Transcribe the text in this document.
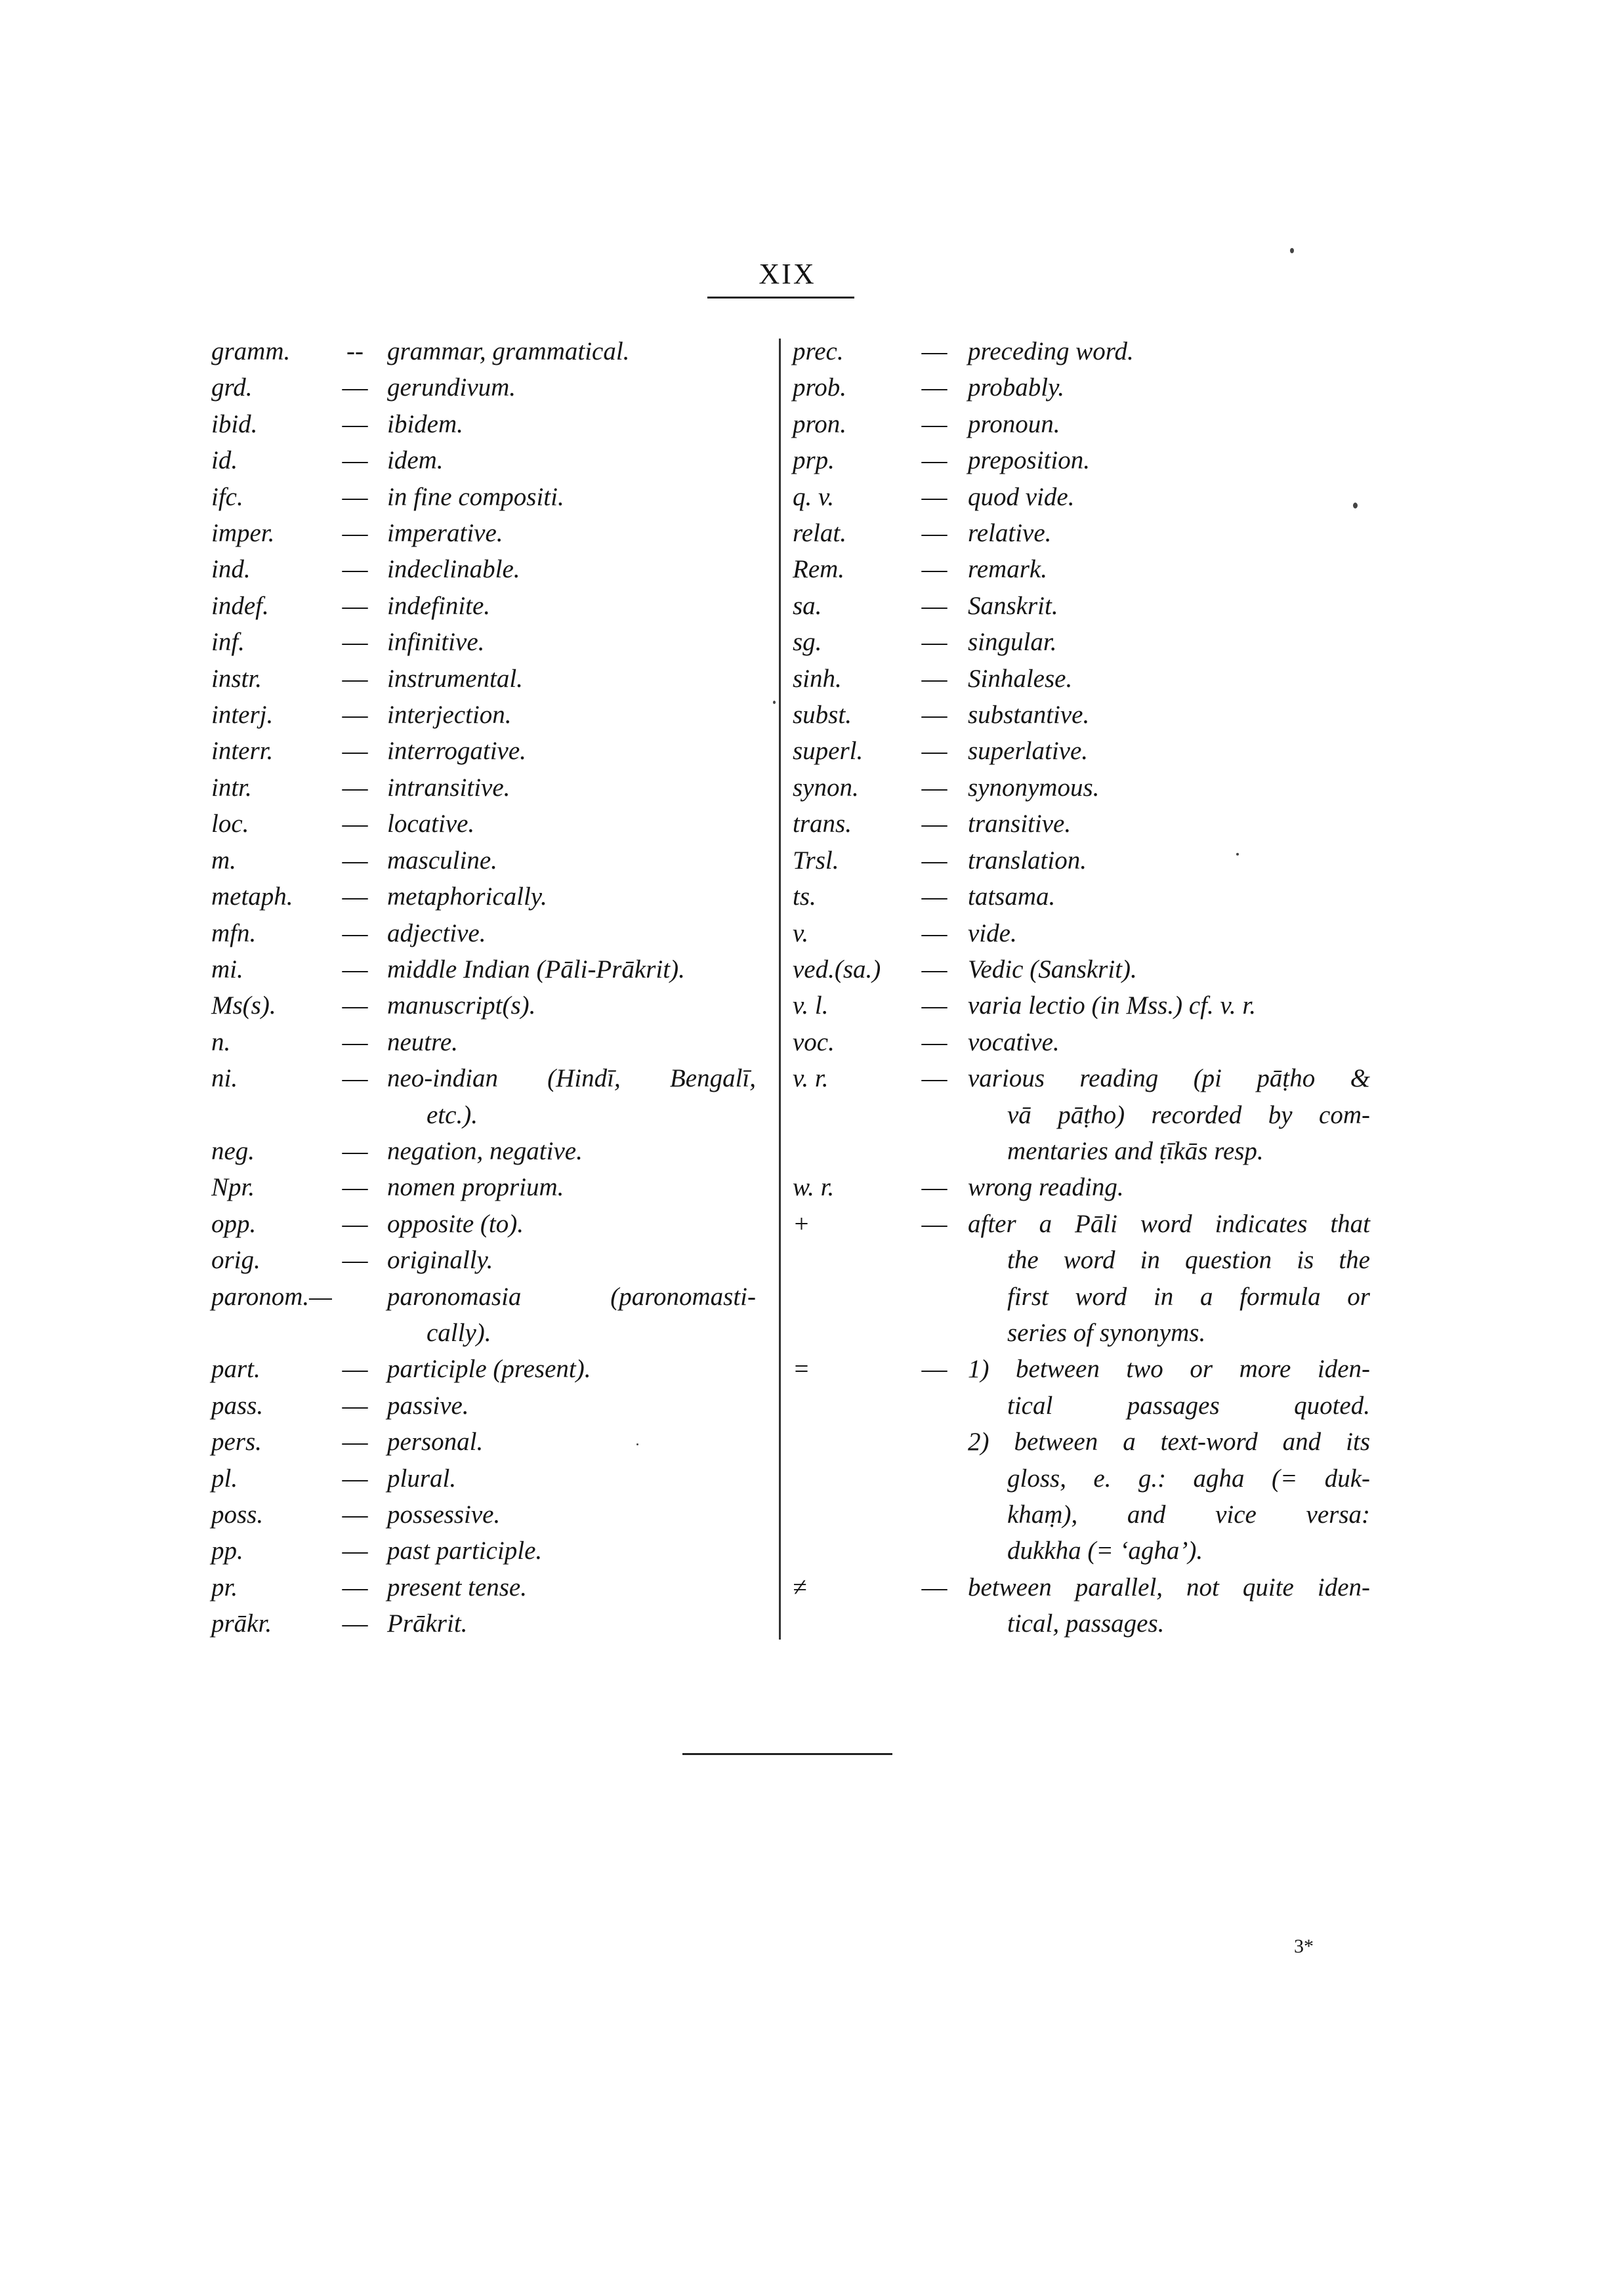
XIX
gramm.	-- grammar, grammatical.
grd.	— gerundivum.
ibid.	— ibidem.
id.	— idem.
ifc.	— in fine compositi.
imper.	— imperative.
ind.	— indeclinable.
indef.	— indefinite.
inf.	— infinitive.
instr.	— instrumental.
interj.	— interjection.
interr.	— interrogative.
intr.	— intransitive.
loc.	— locative.
m.	— masculine.
metaph.	— metaphorically.
mfn.	— adjective.
mi.	— middle Indian (Pāli-Prākrit).
Ms(s).	— manuscript(s).
n.	— neutre.
ni.	— neo-indian (Hindī, Bengalī,
etc.).
neg.	— negation, negative.
Npr.	— nomen proprium.
opp.	— opposite (to).
orig.	— originally.
paronom.— paronomasia (paronomasti-
cally).
part.	— participle (present).
pass.	— passive.
pers.	— personal.
pl.	— plural.
poss.	— possessive.
pp.	— past participle.
pr.	— present tense.
prākr.	— Prākrit.
prec.	— preceding word.
prob.	— probably.
pron.	— pronoun.
prp.	— preposition.
q. v.	— quod vide.
relat.	— relative.
Rem.	— remark.
sa.	— Sanskrit.
sg.	— singular.
sinh.	— Sinhalese.
subst.	— substantive.
superl.	— superlative.
synon.	— synonymous.
trans.	— transitive.
Trsl.	— translation.
ts.	— tatsama.
v.	— vide.
ved.(sa.)	— Vedic (Sanskrit).
v. l.	— varia lectio (in Mss.) cf. v. r.
voc.	— vocative.
v. r.	— various reading (pi pāṭho &
vā pāṭho) recorded by com-
mentaries and ṭīkās resp.
w. r.	— wrong reading.
+	— after a Pāli word indicates that
the word in question is the
first word in a formula or
series of synonyms.
=	— 1) between two or more iden-
tical passages quoted.
2) between a text-word and its
gloss, e. g.: agha (= duk-
khaṃ), and vice versa:
dukkha (= ‘agha’).
≠	— between parallel, not quite iden-
tical, passages.
3*
